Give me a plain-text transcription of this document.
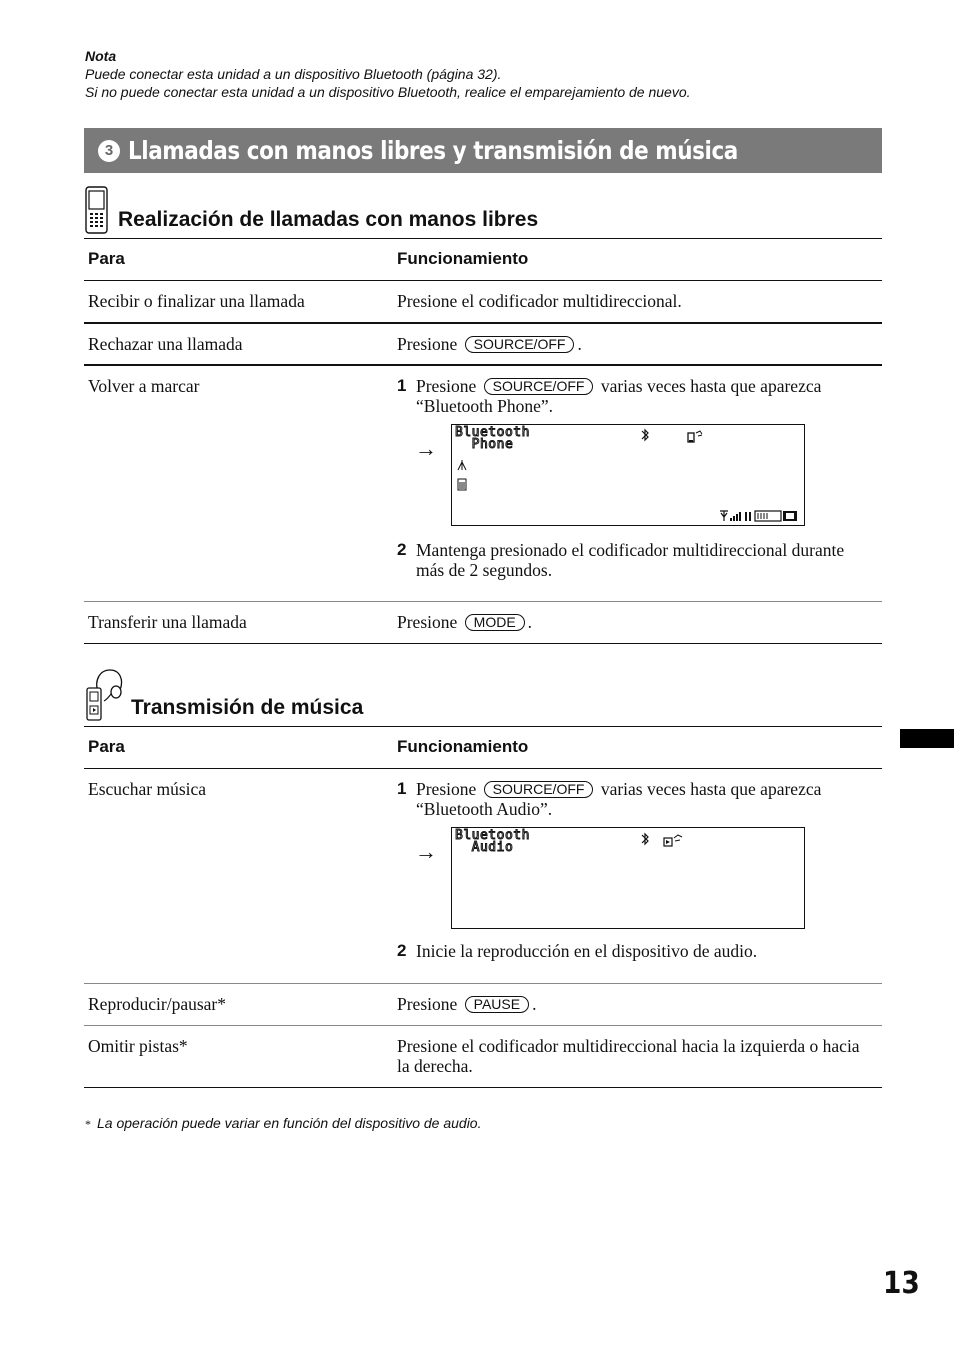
Nota
Puede conectar esta unidad a un dispositivo Bluetooth (página 32).
Si no puede conectar esta unidad a un dispositivo Bluetooth, realice el emparejamiento de nuevo.
3 Llamadas con manos libres y transmisión de música
Realización de llamadas con manos libres
Para	Funcionamiento
Recibir o finalizar una llamada	Presione el codificador multidireccional.
Rechazar una llamada	Presione SOURCE/OFF .
Volver a marcar	1 Presione SOURCE/OFF varias veces hasta que aparezca “Bluetooth Phone”.
→
Bluetooth
Phone
2 Mantenga presionado el codificador multidireccional durante más de 2 segundos.
Transferir una llamada	Presione MODE .
Transmisión de música
Para	Funcionamiento
Escuchar música	1 Presione SOURCE/OFF varias veces hasta que aparezca “Bluetooth Audio”.
→
Bluetooth
Audio
2 Inicie la reproducción en el dispositivo de audio.
Reproducir/pausar*	Presione PAUSE .
Omitir pistas*	Presione el codificador multidireccional hacia la izquierda o hacia la derecha.
* La operación puede variar en función del dispositivo de audio.
13
